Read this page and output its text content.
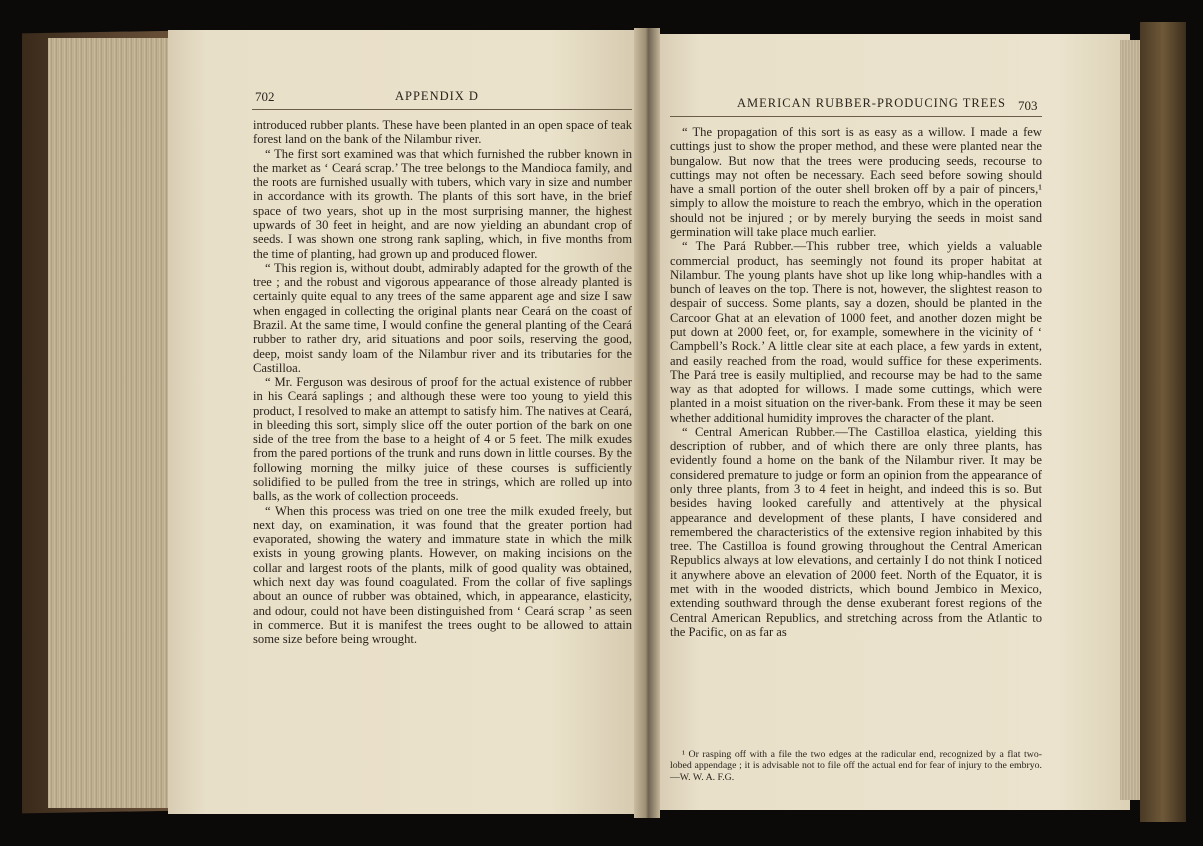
702	APPENDIX D

introduced rubber plants. These have been planted in an open space of teak forest land on the bank of the Nilambur river.

“ The first sort examined was that which furnished the rubber known in the market as ‘ Ceará scrap.’ The tree belongs to the Mandioca family, and the roots are furnished usually with tubers, which vary in size and number in accordance with its growth. The plants of this sort have, in the brief space of two years, shot up in the most surprising manner, the highest upwards of 30 feet in height, and are now yielding an abundant crop of seeds. I was shown one strong rank sapling, which, in five months from the time of planting, had grown up and produced flower.

“ This region is, without doubt, admirably adapted for the growth of the tree ; and the robust and vigorous appearance of those already planted is certainly quite equal to any trees of the same apparent age and size I saw when engaged in collecting the original plants near Ceará on the coast of Brazil. At the same time, I would confine the general planting of the Ceará rubber to rather dry, arid situations and poor soils, reserving the good, deep, moist sandy loam of the Nilambur river and its tributaries for the Castilloa.

“ Mr. Ferguson was desirous of proof for the actual existence of rubber in his Ceará saplings ; and although these were too young to yield this product, I resolved to make an attempt to satisfy him. The natives at Ceará, in bleeding this sort, simply slice off the outer portion of the bark on one side of the tree from the base to a height of 4 or 5 feet. The milk exudes from the pared portions of the trunk and runs down in little courses. By the following morning the milky juice of these courses is sufficiently solidified to be pulled from the tree in strings, which are rolled up into balls, as the work of collection proceeds.

“ When this process was tried on one tree the milk exuded freely, but next day, on examination, it was found that the greater portion had evaporated, showing the watery and immature state in which the milk exists in young growing plants. However, on making incisions on the collar and largest roots of the plants, milk of good quality was obtained, which next day was found coagulated. From the collar of five saplings about an ounce of rubber was obtained, which, in appearance, elasticity, and odour, could not have been distinguished from ‘ Ceará scrap ’ as seen in commerce. But it is manifest the trees ought to be allowed to attain some size before being wrought.

AMERICAN RUBBER-PRODUCING TREES 703

“ The propagation of this sort is as easy as a willow. I made a few cuttings just to show the proper method, and these were planted near the bungalow. But now that the trees were producing seeds, recourse to cuttings may not often be necessary. Each seed before sowing should have a small portion of the outer shell broken off by a pair of pincers,¹ simply to allow the moisture to reach the embryo, which in the operation should not be injured ; or by merely burying the seeds in moist sand germination will take place much earlier.

“ The Pará Rubber.—This rubber tree, which yields a valuable commercial product, has seemingly not found its proper habitat at Nilambur. The young plants have shot up like long whip-handles with a bunch of leaves on the top. There is not, however, the slightest reason to despair of success. Some plants, say a dozen, should be planted in the Carcoor Ghat at an elevation of 1000 feet, and another dozen might be put down at 2000 feet, or, for example, somewhere in the vicinity of ‘ Campbell’s Rock.’ A little clear site at each place, a few yards in extent, and easily reached from the road, would suffice for these experiments. The Pará tree is easily multiplied, and recourse may be had to the same way as that adopted for willows. I made some cuttings, which were planted in a moist situation on the river-bank. From these it may be seen whether additional humidity improves the character of the plant.

“ Central American Rubber.—The Castilloa elastica, yielding this description of rubber, and of which there are only three plants, has evidently found a home on the bank of the Nilambur river. It may be considered premature to judge or form an opinion from the appearance of only three plants, from 3 to 4 feet in height, and indeed this is so. But besides having looked carefully and attentively at the physical appearance and development of these plants, I have considered and remembered the characteristics of the extensive region inhabited by this tree. The Castilloa is found growing throughout the Central American Republics always at low elevations, and certainly I do not think I noticed it anywhere above an elevation of 2000 feet. North of the Equator, it is met with in the wooded districts, which bound Jembico in Mexico, extending southward through the dense exuberant forest regions of the Central American Republics, and stretching across from the Atlantic to the Pacific, on as far as

¹ Or rasping off with a file the two edges at the radicular end, recognized by a flat two-lobed appendage ; it is advisable not to file off the actual end for fear of injury to the embryo.—W. W. A. F.G.
